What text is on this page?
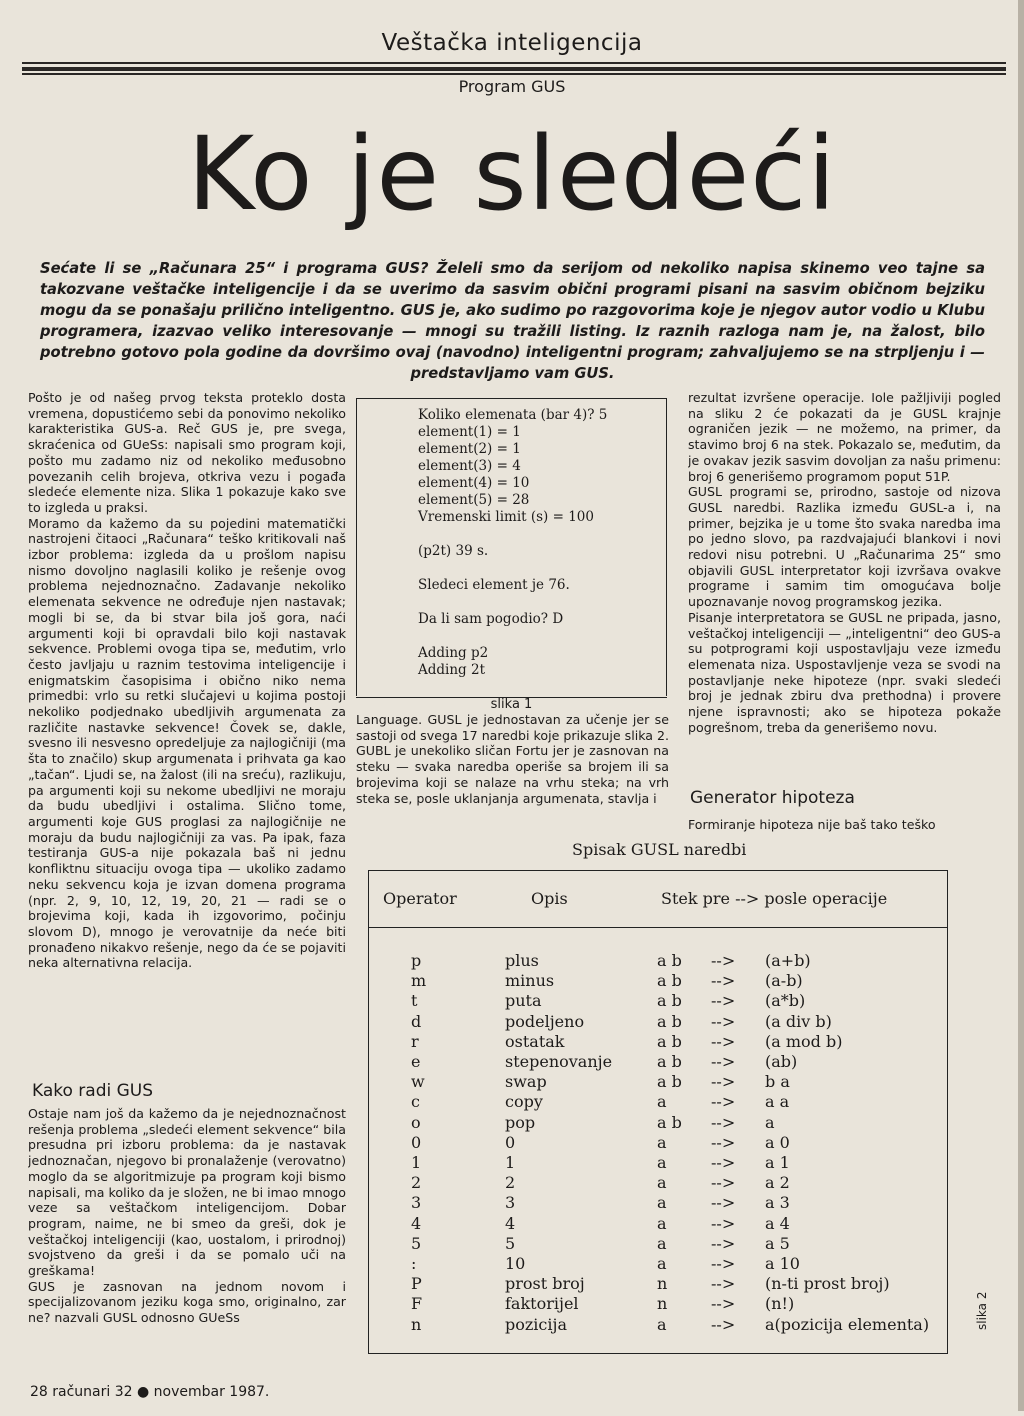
Veštačka inteligencija
Program GUS
Ko je sledeći
Sećate li se „Računara 25“ i programa GUS? Želeli smo da serijom od nekoliko napisa skinemo veo tajne sa takozvane veštačke inteligencije i da se uverimo da sasvim obični programi pisani na sasvim običnom bejziku mogu da se ponašaju prilično inteligentno. GUS je, ako sudimo po razgovorima koje je njegov autor vodio u Klubu programera, izazvao veliko interesovanje — mnogi su tražili listing. Iz raznih razloga nam je, na žalost, bilo potrebno gotovo pola godine da dovršimo ovaj (navodno) inteligentni program; zahvaljujemo se na strpljenju i — predstavljamo vam GUS.
Pošto je od našeg prvog teksta proteklo dosta vremena, dopustićemo sebi da ponovimo nekoliko karakteristika GUS-a. Reč GUS je, pre svega, skraćenica od GUeSs: napisali smo program koji, pošto mu zadamo niz od nekoliko međusobno povezanih celih brojeva, otkriva vezu i pogađa sledeće elemente niza. Slika 1 pokazuje kako sve to izgleda u praksi.
Moramo da kažemo da su pojedini matematički nastrojeni čitaoci „Računara“ teško kritikovali naš izbor problema: izgleda da u prošlom napisu nismo dovoljno naglasili koliko je rešenje ovog problema nejednoznačno. Zadavanje nekoliko elemenata sekvence ne određuje njen nastavak; mogli bi se, da bi stvar bila još gora, naći argumenti koji bi opravdali bilo koji nastavak sekvence. Problemi ovoga tipa se, međutim, vrlo često javljaju u raznim testovima inteligencije i enigmatskim časopisima i obično niko nema primedbi: vrlo su retki slučajevi u kojima postoji nekoliko podjednako ubedljivih argumenata za različite nastavke sekvence! Čovek se, dakle, svesno ili nesvesno opredeljuje za najlogičniji (ma šta to značilo) skup argumenata i prihvata ga kao „tačan“. Ljudi se, na žalost (ili na sreću), razlikuju, pa argumenti koji su nekome ubedljivi ne moraju da budu ubedljivi i ostalima. Slično tome, argumenti koje GUS proglasi za najlogičnije ne moraju da budu najlogičniji za vas. Pa ipak, faza testiranja GUS-a nije pokazala baš ni jednu konfliktnu situaciju ovoga tipa — ukoliko zadamo neku sekvencu koja je izvan domena programa (npr. 2, 9, 10, 12, 19, 20, 21 — radi se o brojevima koji, kada ih izgovorimo, počinju slovom D), mnogo je verovatnije da neće biti pronađeno nikakvo rešenje, nego da će se pojaviti neka alternativna relacija.
Kako radi GUS
Ostaje nam još da kažemo da je nejednoznačnost rešenja problema „sledeći element sekvence“ bila presudna pri izboru problema: da je nastavak jednoznačan, njegovo bi pronalaženje (verovatno) moglo da se algoritmizuje pa program koji bismo napisali, ma koliko da je složen, ne bi imao mnogo veze sa veštačkom inteligencijom. Dobar program, naime, ne bi smeo da greši, dok je veštačkoj inteligenciji (kao, uostalom, i prirodnoj) svojstveno da greši i da se pomalo uči na greškama!
GUS je zasnovan na jednom novom i specijalizovanom jeziku koga smo, originalno, zar ne? nazvali GUSL odnosno GUeSs
Koliko elemenata (bar 4)? 5
element(1) = 1
element(2) = 1
element(3) = 4
element(4) = 10
element(5) = 28
Vremenski limit (s) = 100
(p2t) 39 s.
Sledeci element je 76.
Da li sam pogodio? D
Adding p2
Adding 2t
slika 1
Language. GUSL je jednostavan za učenje jer se sastoji od svega 17 naredbi koje prikazuje slika 2. GUBL je unekoliko sličan Fortu jer je zasnovan na steku — svaka naredba operiše sa brojem ili sa brojevima koji se nalaze na vrhu steka; na vrh steka se, posle uklanjanja argumenata, stavlja i
rezultat izvršene operacije. Iole pažljiviji pogled na sliku 2 će pokazati da je GUSL krajnje ograničen jezik — ne možemo, na primer, da stavimo broj 6 na stek. Pokazalo se, međutim, da je ovakav jezik sasvim dovoljan za našu primenu: broj 6 generišemo programom poput 51P.
GUSL programi se, prirodno, sastoje od nizova GUSL naredbi. Razlika između GUSL-a i, na primer, bejzika je u tome što svaka naredba ima po jedno slovo, pa razdvajajući blankovi i novi redovi nisu potrebni. U „Računarima 25“ smo objavili GUSL interpretator koji izvršava ovakve programe i samim tim omogućava bolje upoznavanje novog programskog jezika.
Pisanje interpretatora se GUSL ne pripada, jasno, veštačkoj inteligenciji — „inteligentni“ deo GUS-a su potprogrami koji uspostavljaju veze između elemenata niza. Uspostavljenje veza se svodi na postavljanje neke hipoteze (npr. svaki sledeći broj je jednak zbiru dva prethodna) i provere njene ispravnosti; ako se hipoteza pokaže pogrešnom, treba da generišemo novu.
Generator hipoteza
Formiranje hipoteza nije baš tako teško
Spisak GUSL naredbi
Operator	Opis	Stek pre --> posle operacije
p	plus	a b --> (a+b)
m	minus	a b --> (a-b)
t	puta	a b --> (a*b)
d	podeljeno	a b --> (a div b)
r	ostatak	a b --> (a mod b)
e	stepenovanje	a b --> (ab)
w	swap	a b --> b a
c	copy	a	--> a a
o	pop	a b --> a
0	0	a	--> a 0
1	1	a	--> a 1
2	2	a	--> a 2
3	3	a	--> a 3
4	4	a	--> a 4
5	5	a	--> a 5
:	10	a	--> a 10
P	prost broj	n	--> (n-ti prost broj)
F	faktorijel	n	--> (n!)
n	pozicija	a	--> a(pozicija elementa)	slika 2
28 računari 32 ● novembar 1987.
